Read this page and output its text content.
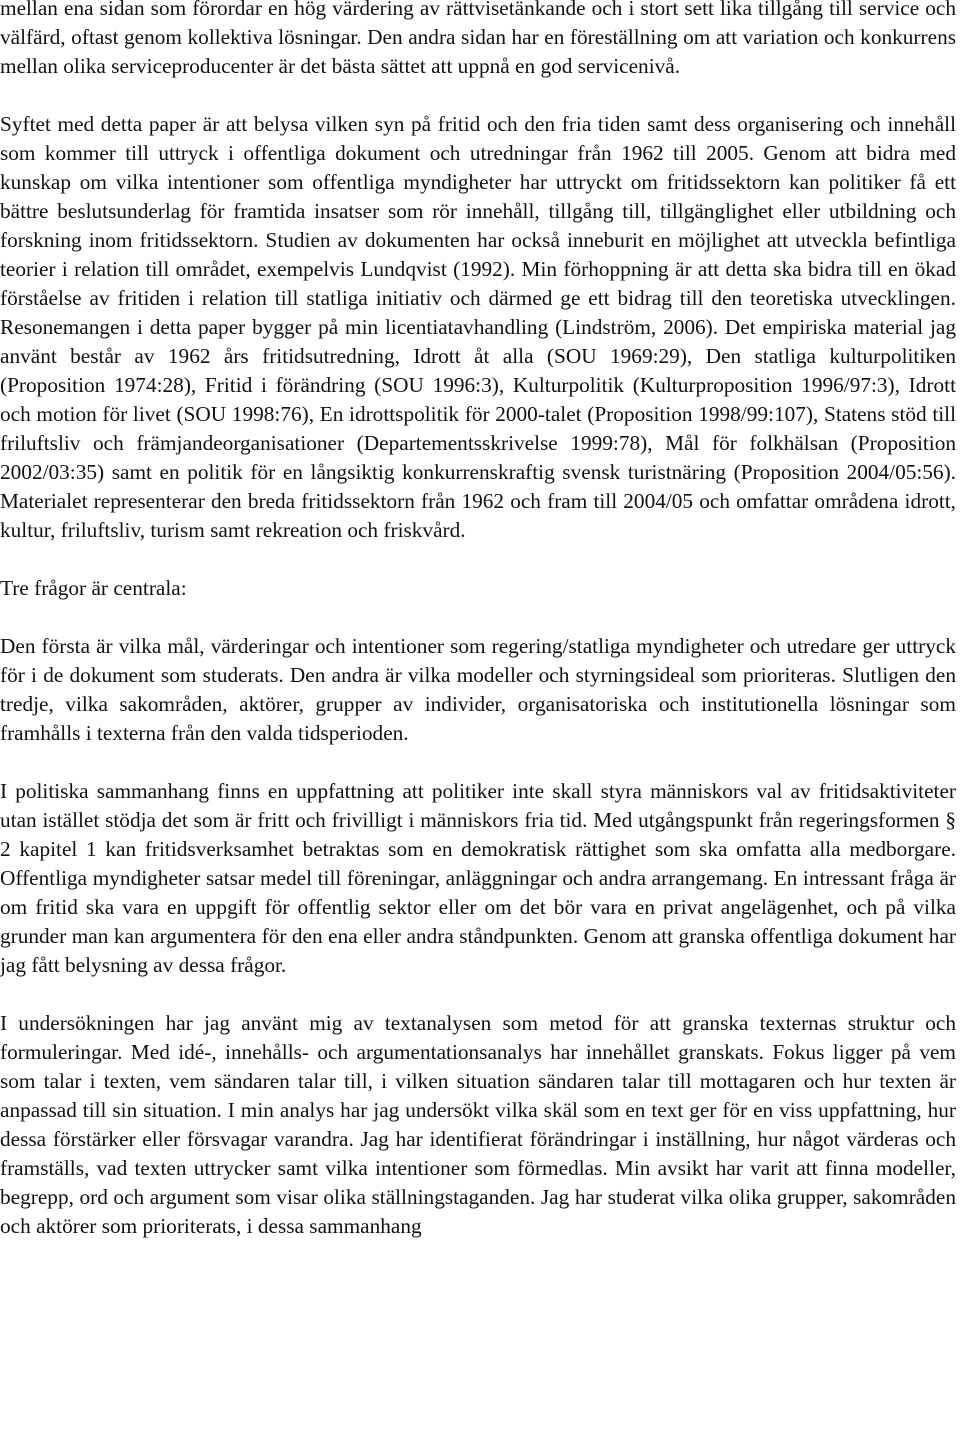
mellan ena sidan som förordar en hög värdering av rättvisetänkande och i stort sett lika tillgång till service och välfärd, oftast genom kollektiva lösningar. Den andra sidan har en föreställning om att variation och konkurrens mellan olika serviceproducenter är det bästa sättet att uppnå en god servicenivå.

Syftet med detta paper är att belysa vilken syn på fritid och den fria tiden samt dess organisering och innehåll som kommer till uttryck i offentliga dokument och utredningar från 1962 till 2005. Genom att bidra med kunskap om vilka intentioner som offentliga myndigheter har uttryckt om fritidssektorn kan politiker få ett bättre beslutsunderlag för framtida insatser som rör innehåll, tillgång till, tillgänglighet eller utbildning och forskning inom fritidssektorn. Studien av dokumenten har också inneburit en möjlighet att utveckla befintliga teorier i relation till området, exempelvis Lundqvist (1992). Min förhoppning är att detta ska bidra till en ökad förståelse av fritiden i relation till statliga initiativ och därmed ge ett bidrag till den teoretiska utvecklingen. Resonemangen i detta paper bygger på min licentiatavhandling (Lindström, 2006). Det empiriska material jag använt består av 1962 års fritidsutredning, Idrott åt alla (SOU 1969:29), Den statliga kulturpolitiken (Proposition 1974:28), Fritid i förändring (SOU 1996:3), Kulturpolitik (Kulturproposition 1996/97:3), Idrott och motion för livet (SOU 1998:76), En idrottspolitik för 2000-talet (Proposition 1998/99:107), Statens stöd till friluftsliv och främjandeorganisationer (Departementsskrivelse 1999:78), Mål för folkhälsan (Proposition 2002/03:35) samt en politik för en långsiktig konkurrenskraftig svensk turistnäring (Proposition 2004/05:56). Materialet representerar den breda fritidssektorn från 1962 och fram till 2004/05 och omfattar områdena idrott, kultur, friluftsliv, turism samt rekreation och friskvård.

Tre frågor är centrala:

Den första är vilka mål, värderingar och intentioner som regering/statliga myndigheter och utredare ger uttryck för i de dokument som studerats. Den andra är vilka modeller och styrningsideal som prioriteras. Slutligen den tredje, vilka sakområden, aktörer, grupper av individer, organisatoriska och institutionella lösningar som framhålls i texterna från den valda tidsperioden.

I politiska sammanhang finns en uppfattning att politiker inte skall styra människors val av fritidsaktiviteter utan istället stödja det som är fritt och frivilligt i människors fria tid. Med utgångspunkt från regeringsformen § 2 kapitel 1 kan fritidsverksamhet betraktas som en demokratisk rättighet som ska omfatta alla medborgare. Offentliga myndigheter satsar medel till föreningar, anläggningar och andra arrangemang. En intressant fråga är om fritid ska vara en uppgift för offentlig sektor eller om det bör vara en privat angelägenhet, och på vilka grunder man kan argumentera för den ena eller andra ståndpunkten. Genom att granska offentliga dokument har jag fått belysning av dessa frågor.

I undersökningen har jag använt mig av textanalysen som metod för att granska texternas struktur och formuleringar. Med idé-, innehålls- och argumentationsanalys har innehållet granskats. Fokus ligger på vem som talar i texten, vem sändaren talar till, i vilken situation sändaren talar till mottagaren och hur texten är anpassad till sin situation. I min analys har jag undersökt vilka skäl som en text ger för en viss uppfattning, hur dessa förstärker eller försvagar varandra. Jag har identifierat förändringar i inställning, hur något värderas och framställs, vad texten uttrycker samt vilka intentioner som förmedlas. Min avsikt har varit att finna modeller, begrepp, ord och argument som visar olika ställningstaganden. Jag har studerat vilka olika grupper, sakområden och aktörer som prioriterats, i dessa sammanhang
